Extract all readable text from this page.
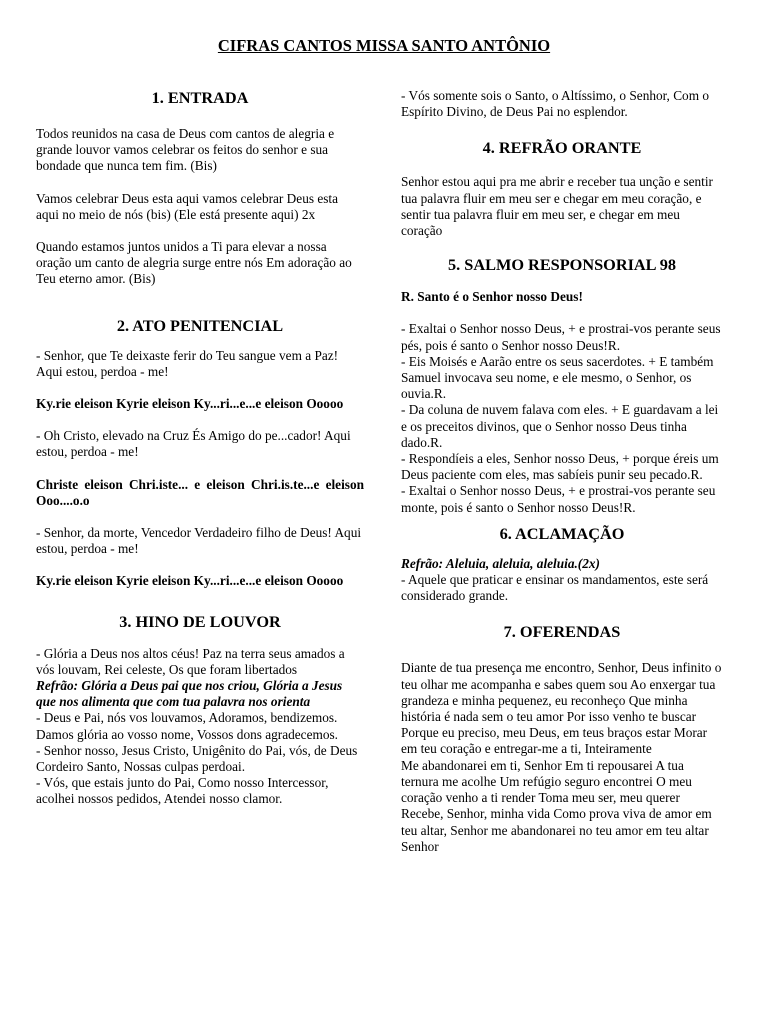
CIFRAS CANTOS MISSA SANTO ANTÔNIO
1. ENTRADA

Todos reunidos na casa de Deus com cantos de alegria e grande louvor vamos celebrar os feitos do senhor e sua bondade que nunca tem fim. (Bis)

Vamos celebrar Deus esta aqui vamos celebrar Deus esta aqui no meio de nós (bis) (Ele está presente aqui) 2x

Quando estamos juntos unidos a Ti para elevar a nossa oração um canto de alegria surge entre nós Em adoração ao Teu eterno amor. (Bis)

2. ATO PENITENCIAL

- Senhor, que Te deixaste ferir do Teu sangue vem a Paz! Aqui estou, perdoa - me!

Ky.rie eleison Kyrie eleison Ky...ri...e...e eleison Ooooo

- Oh Cristo, elevado na Cruz És Amigo do pe...cador! Aqui estou, perdoa - me!

Christe eleison Chri.iste... e eleison Chri.is.te...e eleison Ooo....o.o

- Senhor, da morte, Vencedor Verdadeiro filho de Deus! Aqui estou, perdoa - me!

Ky.rie eleison Kyrie eleison Ky...ri...e...e eleison Ooooo

3. HINO DE LOUVOR

- Glória a Deus nos altos céus! Paz na terra seus amados a vós louvam, Rei celeste, Os que foram libertados

Refrão: Glória a Deus pai que nos criou, Glória a Jesus que nos alimenta que com tua palavra nos orienta

- Deus e Pai, nós vos louvamos, Adoramos, bendizemos. Damos glória ao vosso nome, Vossos dons agradecemos.

- Senhor nosso, Jesus Cristo, Unigênito do Pai, vós, de Deus Cordeiro Santo, Nossas culpas perdoai.

- Vós, que estais junto do Pai, Como nosso Intercessor, acolhei nossos pedidos, Atendei nosso clamor.

- Vós somente sois o Santo, o Altíssimo, o Senhor, Com o Espírito Divino, de Deus Pai no esplendor.

4. REFRÃO ORANTE

Senhor estou aqui pra me abrir e receber tua unção e sentir tua palavra fluir em meu ser e chegar em meu coração, e sentir tua palavra fluir em meu ser, e chegar em meu coração

5. SALMO RESPONSORIAL 98

R. Santo é o Senhor nosso Deus!

- Exaltai o Senhor nosso Deus, + e prostrai-vos perante seus pés, pois é santo o Senhor nosso Deus!R.

- Eis Moisés e Aarão entre os seus sacerdotes. + E também Samuel invocava seu nome, e ele mesmo, o Senhor, os ouvia.R.

- Da coluna de nuvem falava com eles. + E guardavam a lei e os preceitos divinos, que o Senhor nosso Deus tinha dado.R.

- Respondíeis a eles, Senhor nosso Deus, + porque éreis um Deus paciente com eles, mas sabíeis punir seu pecado.R.

- Exaltai o Senhor nosso Deus, + e prostrai-vos perante seu monte, pois é santo o Senhor nosso Deus!R.

6. ACLAMAÇÃO

Refrão: Aleluia, aleluia, aleluia.(2x)

- Aquele que praticar e ensinar os mandamentos, este será considerado grande.

7. OFERENDAS

Diante de tua presença me encontro, Senhor, Deus infinito o teu olhar me acompanha e sabes quem sou Ao enxergar tua grandeza e minha pequenez, eu reconheço Que minha história é nada sem o teu amor Por isso venho te buscar Porque eu preciso, meu Deus, em teus braços estar Morar em teu coração e entregar-me a ti, Inteiramente

Me abandonarei em ti, Senhor Em ti repousarei A tua ternura me acolhe Um refúgio seguro encontrei O meu coração venho a ti render Toma meu ser, meu querer Recebe, Senhor, minha vida Como prova viva de amor em teu altar, Senhor me abandonarei no teu amor em teu altar Senhor
